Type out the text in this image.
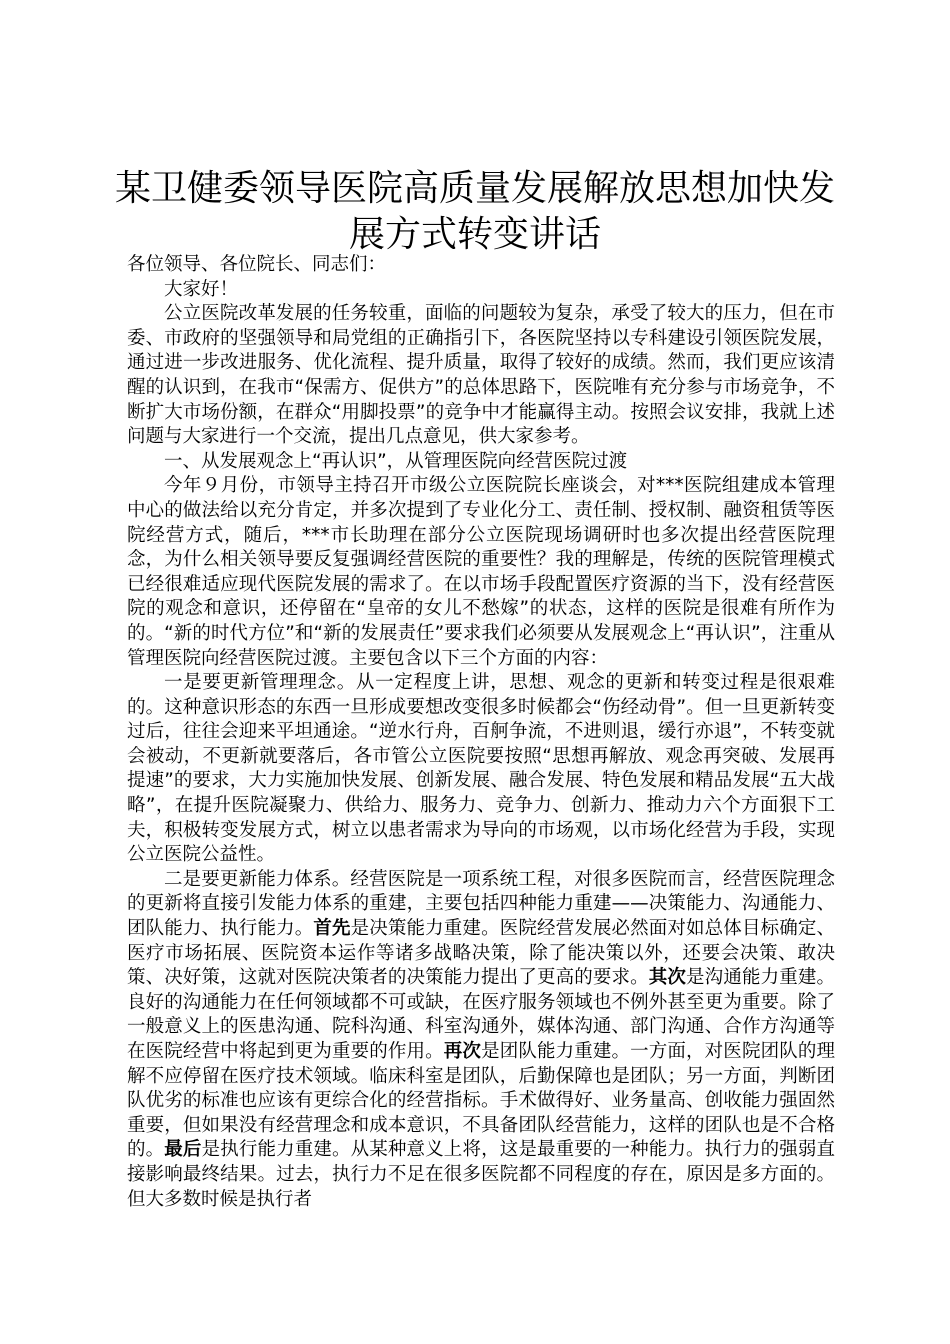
某卫健委领导医院高质量发展解放思想加快发展方式转变讲话

各位领导、各位院长、同志们：

大家好！

公立医院改革发展的任务较重，面临的问题较为复杂，承受了较大的压力，但在市委、市政府的坚强领导和局党组的正确指引下，各医院坚持以专科建设引领医院发展，通过进一步改进服务、优化流程、提升质量，取得了较好的成绩。然而，我们更应该清醒的认识到，在我市“保需方、促供方”的总体思路下，医院唯有充分参与市场竞争，不断扩大市场份额，在群众“用脚投票”的竞争中才能赢得主动。按照会议安排，我就上述问题与大家进行一个交流，提出几点意见，供大家参考。

一、从发展观念上“再认识”，从管理医院向经营医院过渡

今年９月份，市领导主持召开市级公立医院院长座谈会，对***医院组建成本管理中心的做法给以充分肯定，并多次提到了专业化分工、责任制、授权制、融资租赁等医院经营方式，随后，***市长助理在部分公立医院现场调研时也多次提出经营医院理念，为什么相关领导要反复强调经营医院的重要性？我的理解是，传统的医院管理模式已经很难适应现代医院发展的需求了。在以市场手段配置医疗资源的当下，没有经营医院的观念和意识，还停留在“皇帝的女儿不愁嫁”的状态，这样的医院是很难有所作为的。“新的时代方位”和“新的发展责任”要求我们必须要从发展观念上“再认识”，注重从管理医院向经营医院过渡。主要包含以下三个方面的内容：

一是要更新管理理念。从一定程度上讲，思想、观念的更新和转变过程是很艰难的。这种意识形态的东西一旦形成要想改变很多时候都会“伤经动骨”。但一旦更新转变过后，往往会迎来平坦通途。“逆水行舟，百舸争流，不进则退，缓行亦退”，不转变就会被动，不更新就要落后，各市管公立医院要按照“思想再解放、观念再突破、发展再提速”的要求，大力实施加快发展、创新发展、融合发展、特色发展和精品发展“五大战略”，在提升医院凝聚力、供给力、服务力、竞争力、创新力、推动力六个方面狠下工夫，积极转变发展方式，树立以患者需求为导向的市场观，以市场化经营为手段，实现公立医院公益性。

二是要更新能力体系。经营医院是一项系统工程，对很多医院而言，经营医院理念的更新将直接引发能力体系的重建，主要包括四种能力重建——决策能力、沟通能力、团队能力、执行能力。首先是决策能力重建。医院经营发展必然面对如总体目标确定、医疗市场拓展、医院资本运作等诸多战略决策，除了能决策以外，还要会决策、敢决策、决好策，这就对医院决策者的决策能力提出了更高的要求。其次是沟通能力重建。良好的沟通能力在任何领域都不可或缺，在医疗服务领域也不例外甚至更为重要。除了一般意义上的医患沟通、院科沟通、科室沟通外，媒体沟通、部门沟通、合作方沟通等在医院经营中将起到更为重要的作用。再次是团队能力重建。一方面，对医院团队的理解不应停留在医疗技术领域。临床科室是团队，后勤保障也是团队；另一方面，判断团队优劣的标准也应该有更综合化的经营指标。手术做得好、业务量高、创收能力强固然重要，但如果没有经营理念和成本意识，不具备团队经营能力，这样的团队也是不合格的。最后是执行能力重建。从某种意义上将，这是最重要的一种能力。执行力的强弱直接影响最终结果。过去，执行力不足在很多医院都不同程度的存在，原因是多方面的。但大多数时候是执行者
